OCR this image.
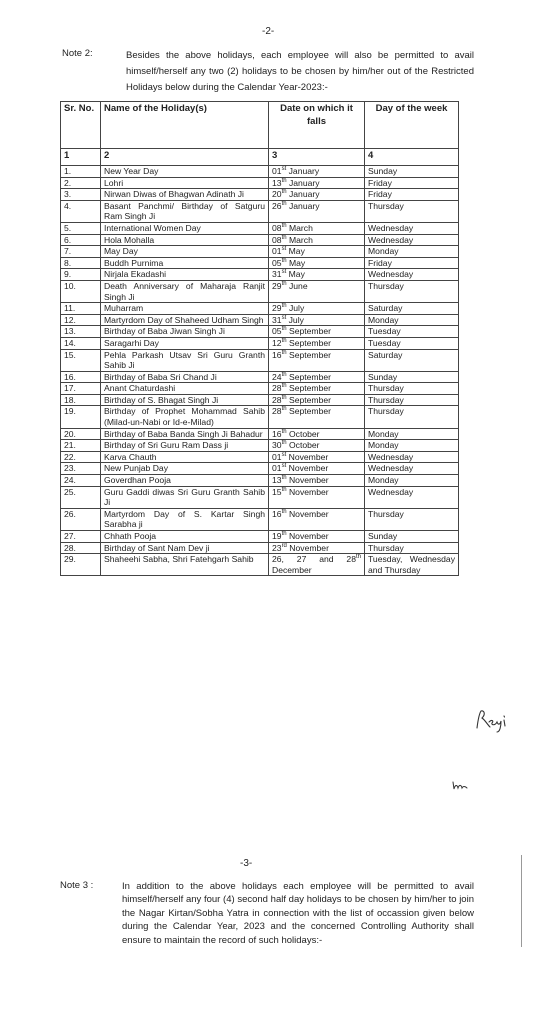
-2-
Note 2:	Besides the above holidays, each employee will also be permitted to avail himself/herself any two (2) holidays to be chosen by him/her out of the Restricted Holidays below during the Calendar Year-2023:-
Sr. No.	Name of the Holiday(s)	Date on which it falls	Day of the week
1	2	3	4
1.	New Year Day	01st January	Sunday
2.	Lohri	13th January	Friday
3.	Nirwan Diwas of Bhagwan Adinath Ji	20th January	Friday
4.	Basant Panchmi/ Birthday of Satguru Ram Singh Ji	26th January	Thursday
5.	International Women Day	08th March	Wednesday
6.	Hola Mohalla	08th March	Wednesday
7.	May Day	01st May	Monday
8.	Buddh Purnima	05th May	Friday
9.	Nirjala Ekadashi	31st May	Wednesday
10.	Death Anniversary of Maharaja Ranjit Singh Ji	29th June	Thursday
11.	Muharram	29th July	Saturday
12.	Martyrdom Day of Shaheed Udham Singh	31st July	Monday
13.	Birthday of Baba Jiwan Singh Ji	05th September	Tuesday
14.	Saragarhi Day	12th September	Tuesday
15.	Pehla Parkash Utsav Sri Guru Granth Sahib Ji	16th September	Saturday
16.	Birthday of Baba Sri Chand Ji	24th September	Sunday
17.	Anant Chaturdashi	28th September	Thursday
18.	Birthday of S. Bhagat Singh Ji	28th September	Thursday
19.	Birthday of Prophet Mohammad Sahib (Milad-un-Nabi or Id-e-Milad)	28th September	Thursday
20.	Birthday of Baba Banda Singh Ji Bahadur	16th October	Monday
21.	Birthday of Sri Guru Ram Dass ji	30th October	Monday
22.	Karva Chauth	01st November	Wednesday
23.	New Punjab Day	01st November	Wednesday
24.	Goverdhan Pooja	13th November	Monday
25.	Guru Gaddi diwas Sri Guru Granth Sahib Ji	15th November	Wednesday
26.	Martyrdom Day of S. Kartar Singh Sarabha ji	16th November	Thursday
27.	Chhath Pooja	19th November	Sunday
28.	Birthday of Sant Nam Dev ji	23rd November	Thursday
29.	Shaheehi Sabha, Shri Fatehgarh Sahib	26, 27 and 28th December	Tuesday, Wednesday and Thursday
-3-
Note 3 :	In addition to the above holidays each employee will be permitted to avail himself/herself any four (4) second half day holidays to be chosen by him/her to join the Nagar Kirtan/Sobha Yatra in connection with the list of occassion given below during the Calendar Year, 2023 and the concerned Controlling Authority shall ensure to maintain the record of such holidays:-
